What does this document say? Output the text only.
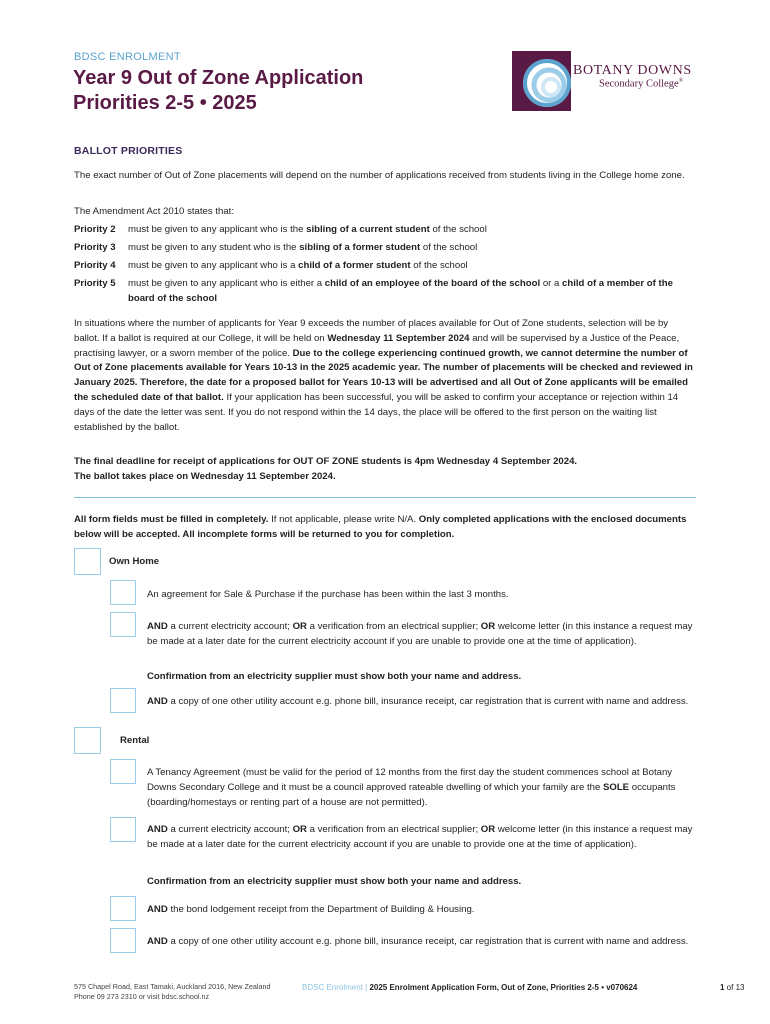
BDSC ENROLMENT
Year 9 Out of Zone Application
Priorities 2-5 • 2025
BOTANY DOWNS
Secondary College®
BALLOT PRIORITIES
The exact number of Out of Zone placements will depend on the number of applications received from students living in the College home zone.
The Amendment Act 2010 states that:
Priority 2	must be given to any applicant who is the sibling of a current student of the school
Priority 3	must be given to any student who is the sibling of a former student of the school
Priority 4	must be given to any applicant who is a child of a former student of the school
Priority 5	must be given to any applicant who is either a child of an employee of the board of the school or a child of a member of the board of the school
In situations where the number of applicants for Year 9 exceeds the number of places available for Out of Zone students, selection will be by ballot. If a ballot is required at our College, it will be held on Wednesday 11 September 2024 and will be supervised by a Justice of the Peace, practising lawyer, or a sworn member of the police. Due to the college experiencing continued growth, we cannot determine the number of Out of Zone placements available for Years 10-13 in the 2025 academic year. The number of placements will be checked and reviewed in January 2025. Therefore, the date for a proposed ballot for Years 10-13 will be advertised and all Out of Zone applicants will be emailed the scheduled date of that ballot. If your application has been successful, you will be asked to confirm your acceptance or rejection within 14 days of the date the letter was sent. If you do not respond within the 14 days, the place will be offered to the first person on the waiting list established by the ballot.
The final deadline for receipt of applications for OUT OF ZONE students is 4pm Wednesday 4 September 2024.
The ballot takes place on Wednesday 11 September 2024.
All form fields must be filled in completely. If not applicable, please write N/A. Only completed applications with the enclosed documents below will be accepted. All incomplete forms will be returned to you for completion.
Own Home
An agreement for Sale & Purchase if the purchase has been within the last 3 months.
AND a current electricity account; OR a verification from an electrical supplier; OR welcome letter (in this instance a request may be made at a later date for the current electricity account if you are unable to provide one at the time of application).
Confirmation from an electricity supplier must show both your name and address.
AND a copy of one other utility account e.g. phone bill, insurance receipt, car registration that is current with name and address.
Rental
A Tenancy Agreement (must be valid for the period of 12 months from the first day the student commences school at Botany Downs Secondary College and it must be a council approved rateable dwelling of which your family are the SOLE occupants (boarding/homestays or renting part of a house are not permitted).
AND a current electricity account; OR a verification from an electrical supplier; OR welcome letter (in this instance a request may be made at a later date for the current electricity account if you are unable to provide one at the time of application).
Confirmation from an electricity supplier must show both your name and address.
AND the bond lodgement receipt from the Department of Building & Housing.
AND a copy of one other utility account e.g. phone bill, insurance receipt, car registration that is current with name and address.
575 Chapel Road, East Tamaki, Auckland 2016, New Zealand
Phone 09 273 2310 or visit bdsc.school.nz
BDSC Enrolment | 2025 Enrolment Application Form, Out of Zone, Priorities 2-5 • v070624	1 of 13
